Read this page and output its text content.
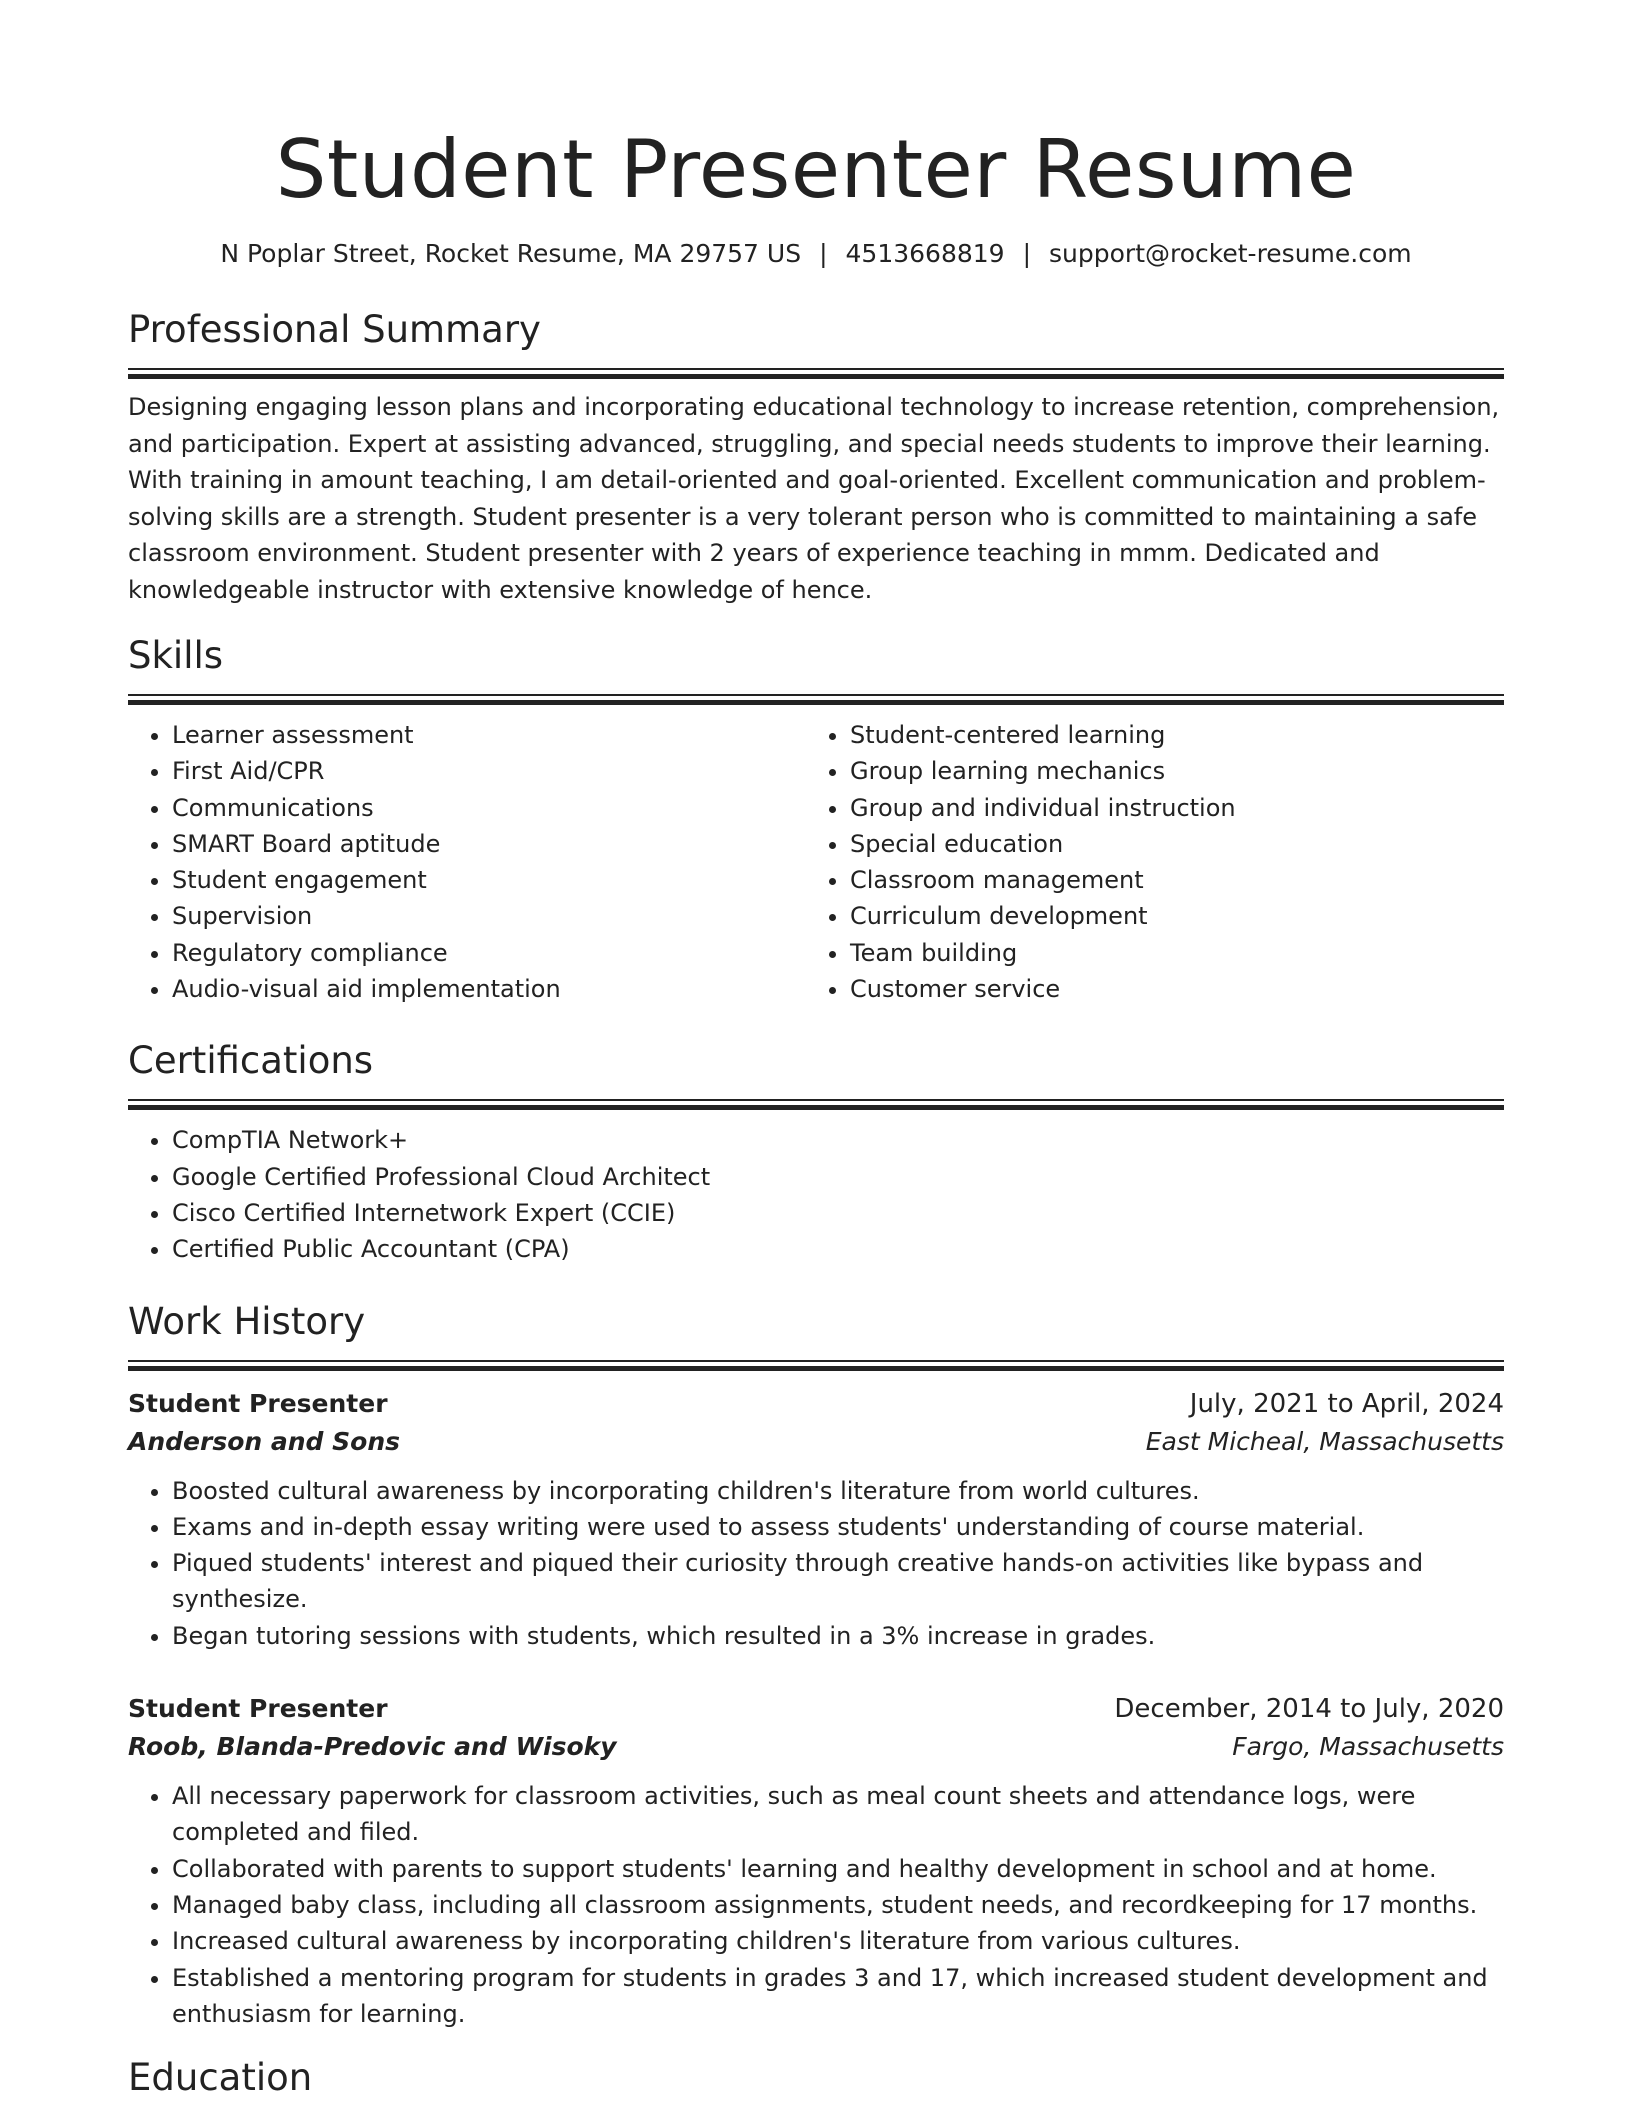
Student Presenter Resume
N Poplar Street, Rocket Resume, MA 29757 US | 4513668819 | support@rocket-resume.com
Professional Summary

Designing engaging lesson plans and incorporating educational technology to increase retention, comprehension, and participation. Expert at assisting advanced, struggling, and special needs students to improve their learning. With training in amount teaching, I am detail-oriented and goal-oriented. Excellent communication and problem-solving skills are a strength. Student presenter is a very tolerant person who is committed to maintaining a safe classroom environment. Student presenter with 2 years of experience teaching in mmm. Dedicated and knowledgeable instructor with extensive knowledge of hence.

Skills
• Learner assessment
• First Aid/CPR
• Communications
• SMART Board aptitude
• Student engagement
• Supervision
• Regulatory compliance
• Audio-visual aid implementation
• Student-centered learning
• Group learning mechanics
• Group and individual instruction
• Special education
• Classroom management
• Curriculum development
• Team building
• Customer service
Certifications
• CompTIA Network+
• Google Certified Professional Cloud Architect
• Cisco Certified Internetwork Expert (CCIE)
• Certified Public Accountant (CPA)
Work History
Student Presenter	July, 2021 to April, 2024
Anderson and Sons	East Micheal, Massachusetts
• Boosted cultural awareness by incorporating children's literature from world cultures.
• Exams and in-depth essay writing were used to assess students' understanding of course material.
• Piqued students' interest and piqued their curiosity through creative hands-on activities like bypass and synthesize.
• Began tutoring sessions with students, which resulted in a 3% increase in grades.
Student Presenter	December, 2014 to July, 2020
Roob, Blanda-Predovic and Wisoky	Fargo, Massachusetts
• All necessary paperwork for classroom activities, such as meal count sheets and attendance logs, were completed and filed.
• Collaborated with parents to support students' learning and healthy development in school and at home.
• Managed baby class, including all classroom assignments, student needs, and recordkeeping for 17 months.
• Increased cultural awareness by incorporating children's literature from various cultures.
• Established a mentoring program for students in grades 3 and 17, which increased student development and enthusiasm for learning.
Education
